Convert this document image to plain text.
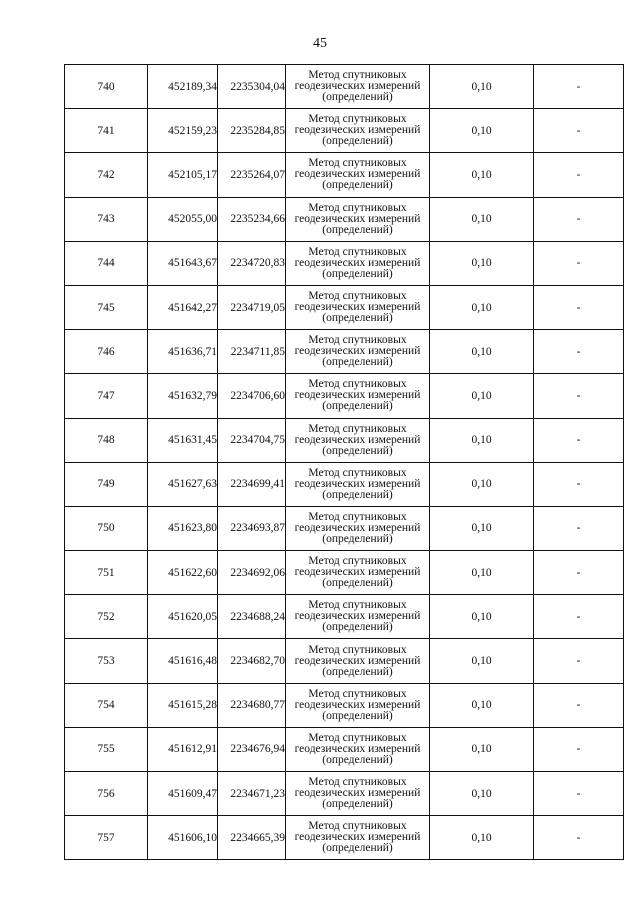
45
740	452189,34	2235304,04	Метод спутниковых геодезических измерений (определений)	0,10	-
741	452159,23	2235284,85	Метод спутниковых геодезических измерений (определений)	0,10	-
742	452105,17	2235264,07	Метод спутниковых геодезических измерений (определений)	0,10	-
743	452055,00	2235234,66	Метод спутниковых геодезических измерений (определений)	0,10	-
744	451643,67	2234720,83	Метод спутниковых геодезических измерений (определений)	0,10	-
745	451642,27	2234719,05	Метод спутниковых геодезических измерений (определений)	0,10	-
746	451636,71	2234711,85	Метод спутниковых геодезических измерений (определений)	0,10	-
747	451632,79	2234706,60	Метод спутниковых геодезических измерений (определений)	0,10	-
748	451631,45	2234704,75	Метод спутниковых геодезических измерений (определений)	0,10	-
749	451627,63	2234699,41	Метод спутниковых геодезических измерений (определений)	0,10	-
750	451623,80	2234693,87	Метод спутниковых геодезических измерений (определений)	0,10	-
751	451622,60	2234692,06	Метод спутниковых геодезических измерений (определений)	0,10	-
752	451620,05	2234688,24	Метод спутниковых геодезических измерений (определений)	0,10	-
753	451616,48	2234682,70	Метод спутниковых геодезических измерений (определений)	0,10	-
754	451615,28	2234680,77	Метод спутниковых геодезических измерений (определений)	0,10	-
755	451612,91	2234676,94	Метод спутниковых геодезических измерений (определений)	0,10	-
756	451609,47	2234671,23	Метод спутниковых геодезических измерений (определений)	0,10	-
757	451606,10	2234665,39	Метод спутниковых геодезических измерений (определений)	0,10	-
